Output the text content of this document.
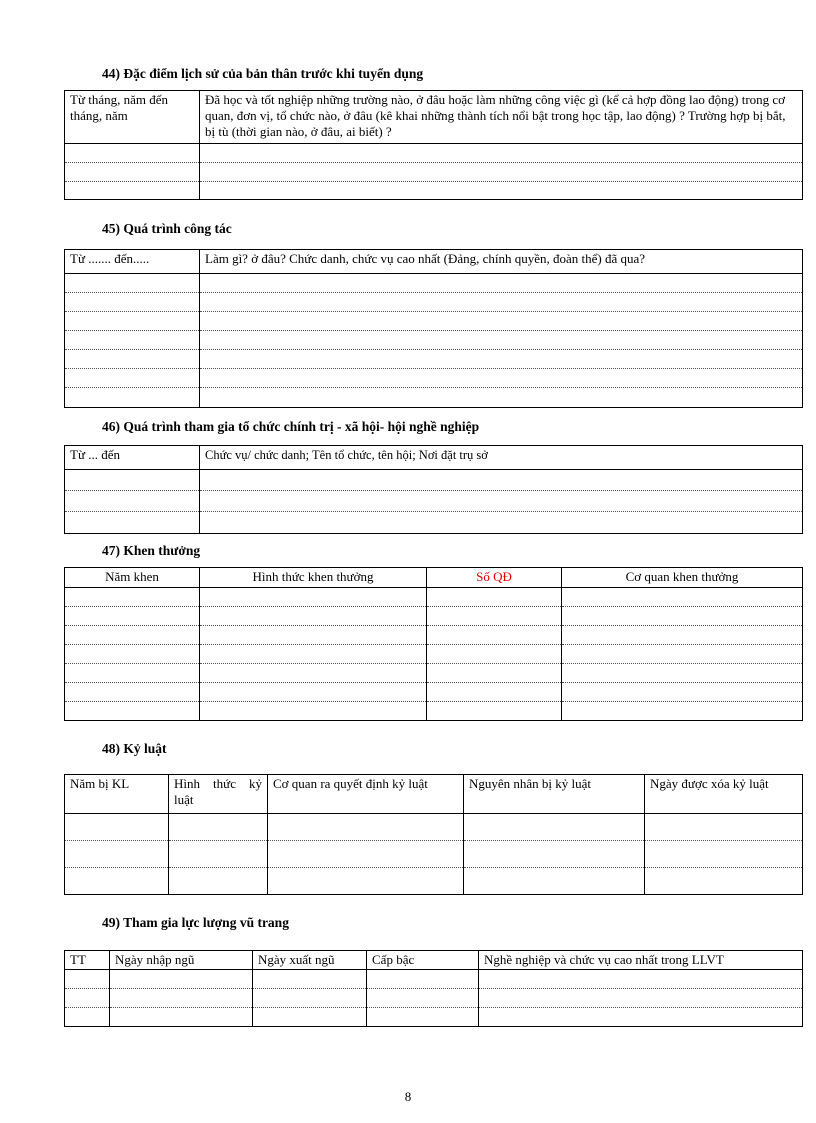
44) Đặc điểm lịch sử của bản thân trước khi tuyển dụng
Từ tháng, năm đến tháng, năm	Đã học và tốt nghiệp những trường nào, ở đâu hoặc làm những công việc gì (kể cả hợp đồng lao động) trong cơ quan, đơn vị, tổ chức nào, ở đâu (kê khai những thành tích nổi bật trong học tập, lao động) ? Trường hợp bị bắt, bị tù (thời gian nào, ở đâu, ai biết) ?

45) Quá trình công tác
Từ ....... đến.....	Làm gì? ở đâu? Chức danh, chức vụ cao nhất (Đảng, chính quyền, đoàn thể) đã qua?

46) Quá trình tham gia tổ chức chính trị - xã hội- hội nghề nghiệp
Từ ... đến	Chức vụ/ chức danh; Tên tổ chức, tên hội; Nơi đặt trụ sở

47) Khen thưởng
Năm khen	Hình thức khen thưởng	Số QĐ	Cơ quan khen thưởng

48) Kỷ luật
Năm bị KL	Hình thức kỷ luật	Cơ quan ra quyết định kỷ luật	Nguyên nhân bị kỷ luật	Ngày được xóa kỷ luật

49) Tham gia lực lượng vũ trang
TT	Ngày nhập ngũ	Ngày xuất ngũ	Cấp bậc	Nghề nghiệp và chức vụ cao nhất trong LLVT

8
